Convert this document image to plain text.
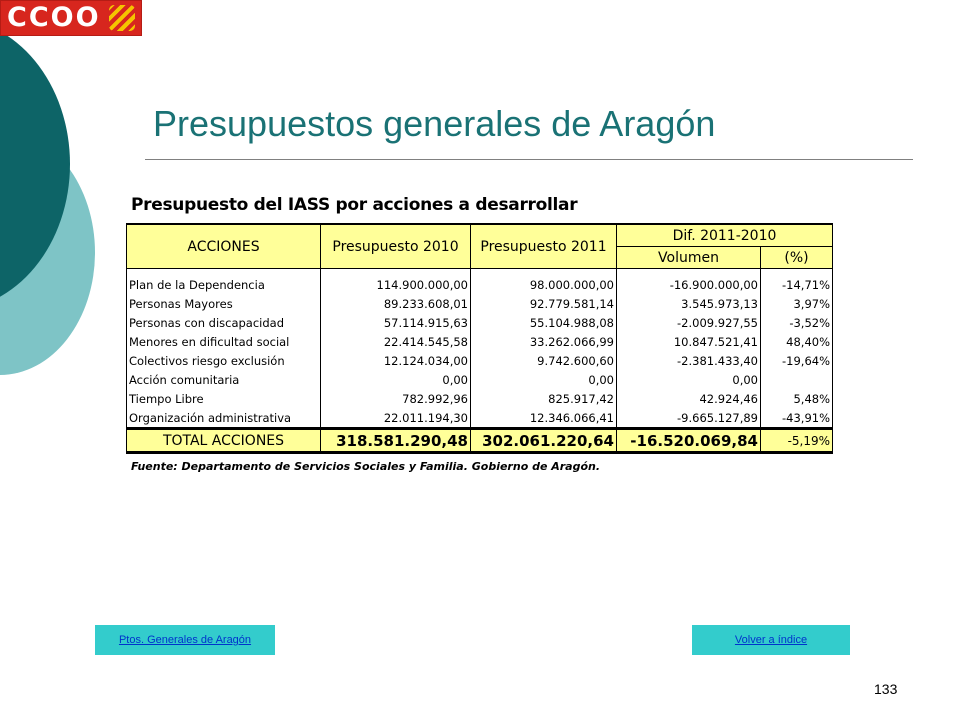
CCOO
Presupuestos generales de Aragón
Presupuesto del IASS por acciones a desarrollar
ACCIONES	Presupuesto 2010	Presupuesto 2011	Dif. 2011-2010	
			Volumen	(%)

Plan de la Dependencia	114.900.000,00	98.000.000,00	-16.900.000,00	-14,71%
Personas Mayores	89.233.608,01	92.779.581,14	3.545.973,13	3,97%
Personas con discapacidad	57.114.915,63	55.104.988,08	-2.009.927,55	-3,52%
Menores en dificultad social	22.414.545,58	33.262.066,99	10.847.521,41	48,40%
Colectivos riesgo exclusión	12.124.034,00	9.742.600,60	-2.381.433,40	-19,64%
Acción comunitaria	0,00	0,00	0,00	
Tiempo Libre	782.992,96	825.917,42	42.924,46	5,48%
Organización administrativa	22.011.194,30	12.346.066,41	-9.665.127,89	-43,91%
TOTAL ACCIONES	318.581.290,48	302.061.220,64	-16.520.069,84	-5,19%
Fuente: Departamento de Servicios Sociales y Familia. Gobierno de Aragón.
Ptos. Generales de Aragón	Volver a índice
133
